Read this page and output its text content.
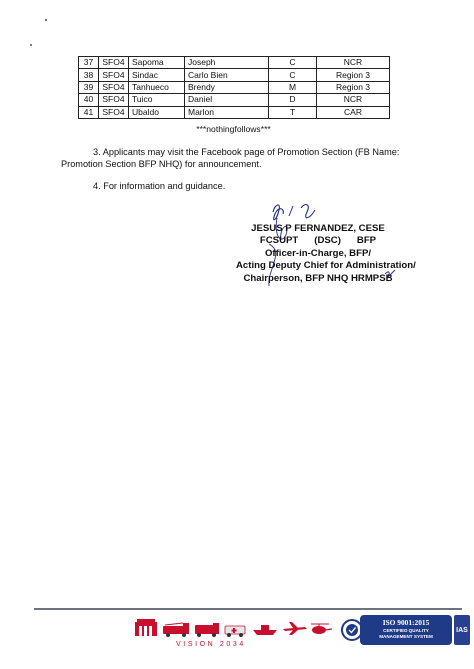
37	SFO4	Sapoma	Joseph	C	NCR
38	SFO4	Sindac	Carlo Bien	C	Region 3
39	SFO4	Tanhueco	Brendy	M	Region 3
40	SFO4	Tuico	Daniel	D	NCR
41	SFO4	Ubaldo	Marlon	T	CAR
***nothingfollows***

3. Applicants may visit the Facebook page of Promotion Section (FB Name:

Promotion Section BFP NHQ) for announcement.

4. For information and guidance.

JESUS P FERNANDEZ, CESE
FCSUPT      (DSC)      BFP
Officer-in-Charge, BFP/
Acting Deputy Chief for Administration/
Chairperson, BFP NHQ HRMPSB
VISION 2034
ISO 9001:2015
CERTIFIED QUALITY
MANAGEMENT SYSTEM
IAS
